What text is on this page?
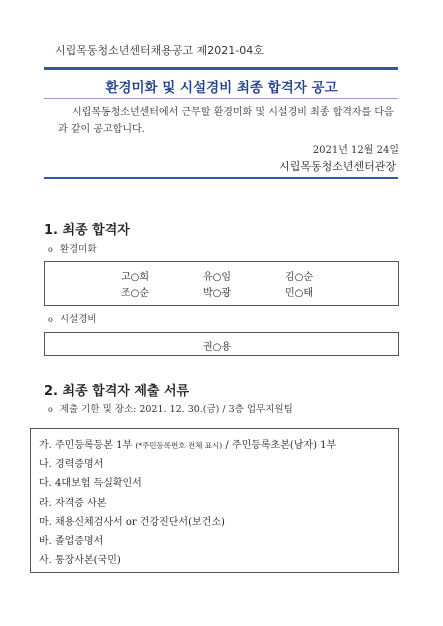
시립목동청소년센터채용공고 제2021-04호
환경미화 및 시설경비 최종 합격자 공고
시립목동청소년센터에서 근무할 환경미화 및 시설경비 최종 합격자를 다음과 같이 공고합니다.
2021년 12월 24일
시립목동청소년센터관장
1. 최종 합격자
o 환경미화
고○희	유○임	김○순
조○순	박○광	민○태
o 시설경비
권○용
2. 최종 합격자 제출 서류
o 제출 기한 및 장소: 2021. 12. 30.(금) / 3층 업무지원팀
가. 주민등록등본 1부 (*주민등록번호 전체 표시) / 주민등록초본(남자) 1부
나. 경력증명서
다. 4대보험 득실확인서
라. 자격증 사본
마. 채용신체검사서 or 건강진단서(보건소)
바. 졸업증명서
사. 통장사본(국민)
